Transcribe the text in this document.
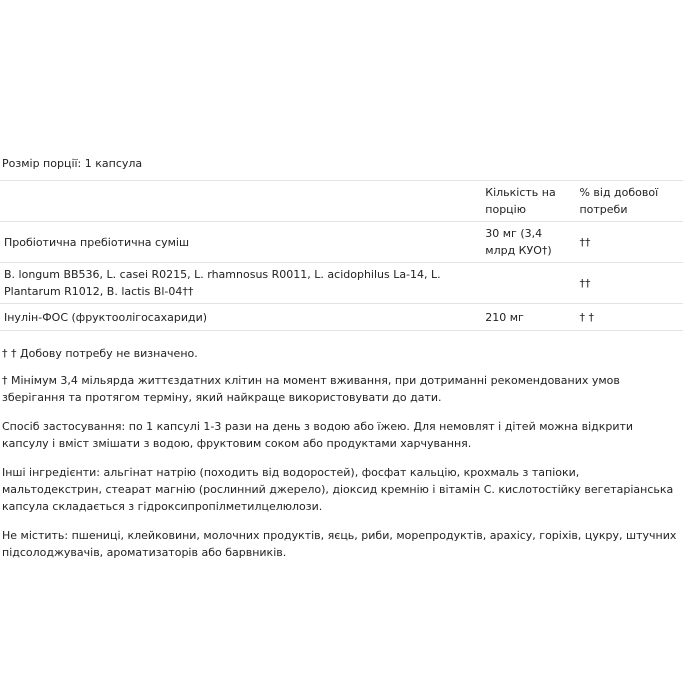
Розмір порції: 1 капсула
	Кількість на порцію	% від добової потреби
Пробіотична пребіотична суміш	30 мг (3,4 млрд КУО†)	††
B. longum BB536, L. casei R0215, L. rhamnosus R0011, L. acidophilus La-14, L. Plantarum R1012, B. lactis Bl-04††		††
Інулін-ФОС (фруктоолігосахариди)	210 мг	† †

† † Добову потребу не визначено.

† Мінімум 3,4 мільярда життєздатних клітин на момент вживання, при дотриманні рекомендованих умов зберігання та протягом терміну, який найкраще використовувати до дати.

Спосіб застосування: по 1 капсулі 1-3 рази на день з водою або їжею. Для немовлят і дітей можна відкрити капсулу і вміст змішати з водою, фруктовим соком або продуктами харчування.

Інші інгредієнти: альгінат натрію (походить від водоростей), фосфат кальцію, крохмаль з тапіоки, мальтодекстрин, стеарат магнію (рослинний джерело), діоксид кремнію і вітамін С. кислотостійку вегетаріанська капсула складається з гідроксипропілметилцелюлози.

Не містить: пшениці, клейковини, молочних продуктів, яєць, риби, морепродуктів, арахісу, горіхів, цукру, штучних підсолоджувачів, ароматизаторів або барвників.
